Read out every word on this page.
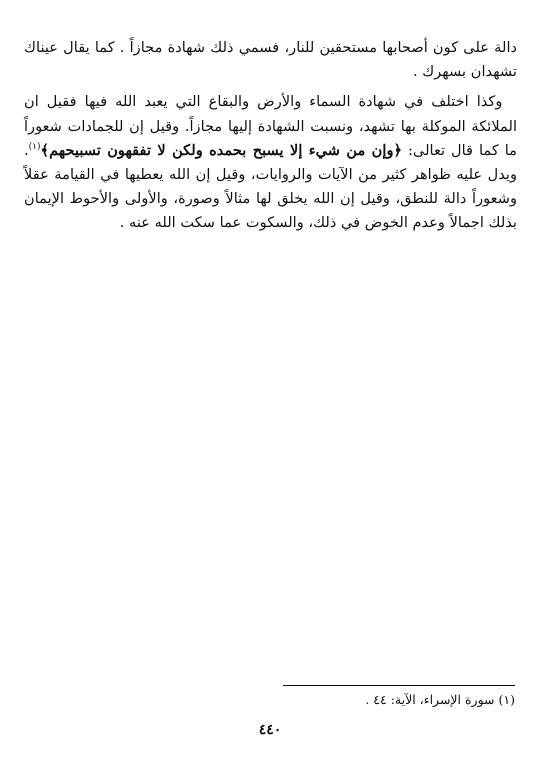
دالة على كون أصحابها مستحقين للنار، فسمي ذلك شهادة مجازاً . كما يقال عيناك تشهدان بسهرك .

 وكذا اختلف في شهادة السماء والأرض والبقاع التي يعبد الله فيها فقيل ان الملائكة الموكلة بها تشهد، ونسبت الشهادة إليها مجازاً. وقيل إن للجمادات شعوراً ما كما قال تعالى: ﴿وإن من شيء إلا يسبح بحمده ولكن لا تفقهون تسبيحهم﴾$^{(١)}$. ويدل عليه ظواهر كثير من الآيات والروايات، وقيل إن الله يعطيها في القيامة عقلاً وشعوراً دالة للنطق، وقيل إن الله يخلق لها مثالاً وصورة، والأولى والأحوط الإيمان بذلك اجمالاً وعدم الخوض في ذلك، والسكوت عما سكت الله عنه .

(١) سورة الإسراء، الآية: ٤٤ .
٤٤٠
